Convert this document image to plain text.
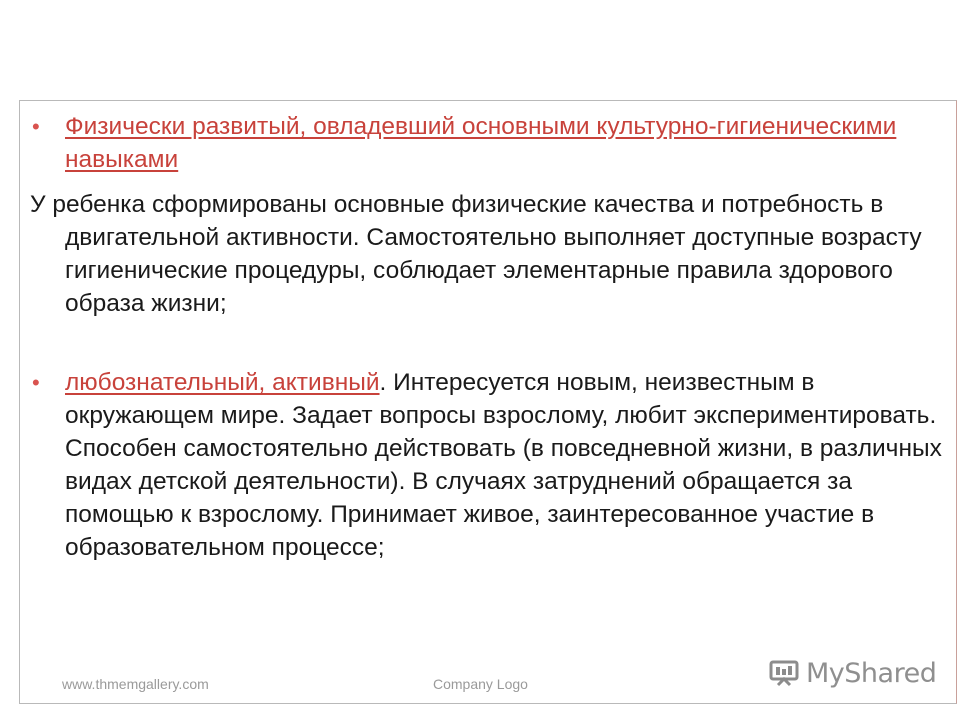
• Физически развитый, овладевший основными культурно-гигиеническими навыками

У ребенка сформированы основные физические качества и потребность в двигательной активности. Самостоятельно выполняет доступные возрасту гигиенические процедуры, соблюдает элементарные правила здорового образа жизни;

• любознательный, активный. Интересуется новым, неизвестным в окружающем мире. Задает вопросы взрослому, любит экспериментировать. Способен самостоятельно действовать (в повседневной жизни, в различных видах детской деятельности). В случаях затруднений обращается за помощью к взрослому. Принимает живое, заинтересованное участие в образовательном процессе;

www.thmemgallery.com	Company Logo	MyShared
